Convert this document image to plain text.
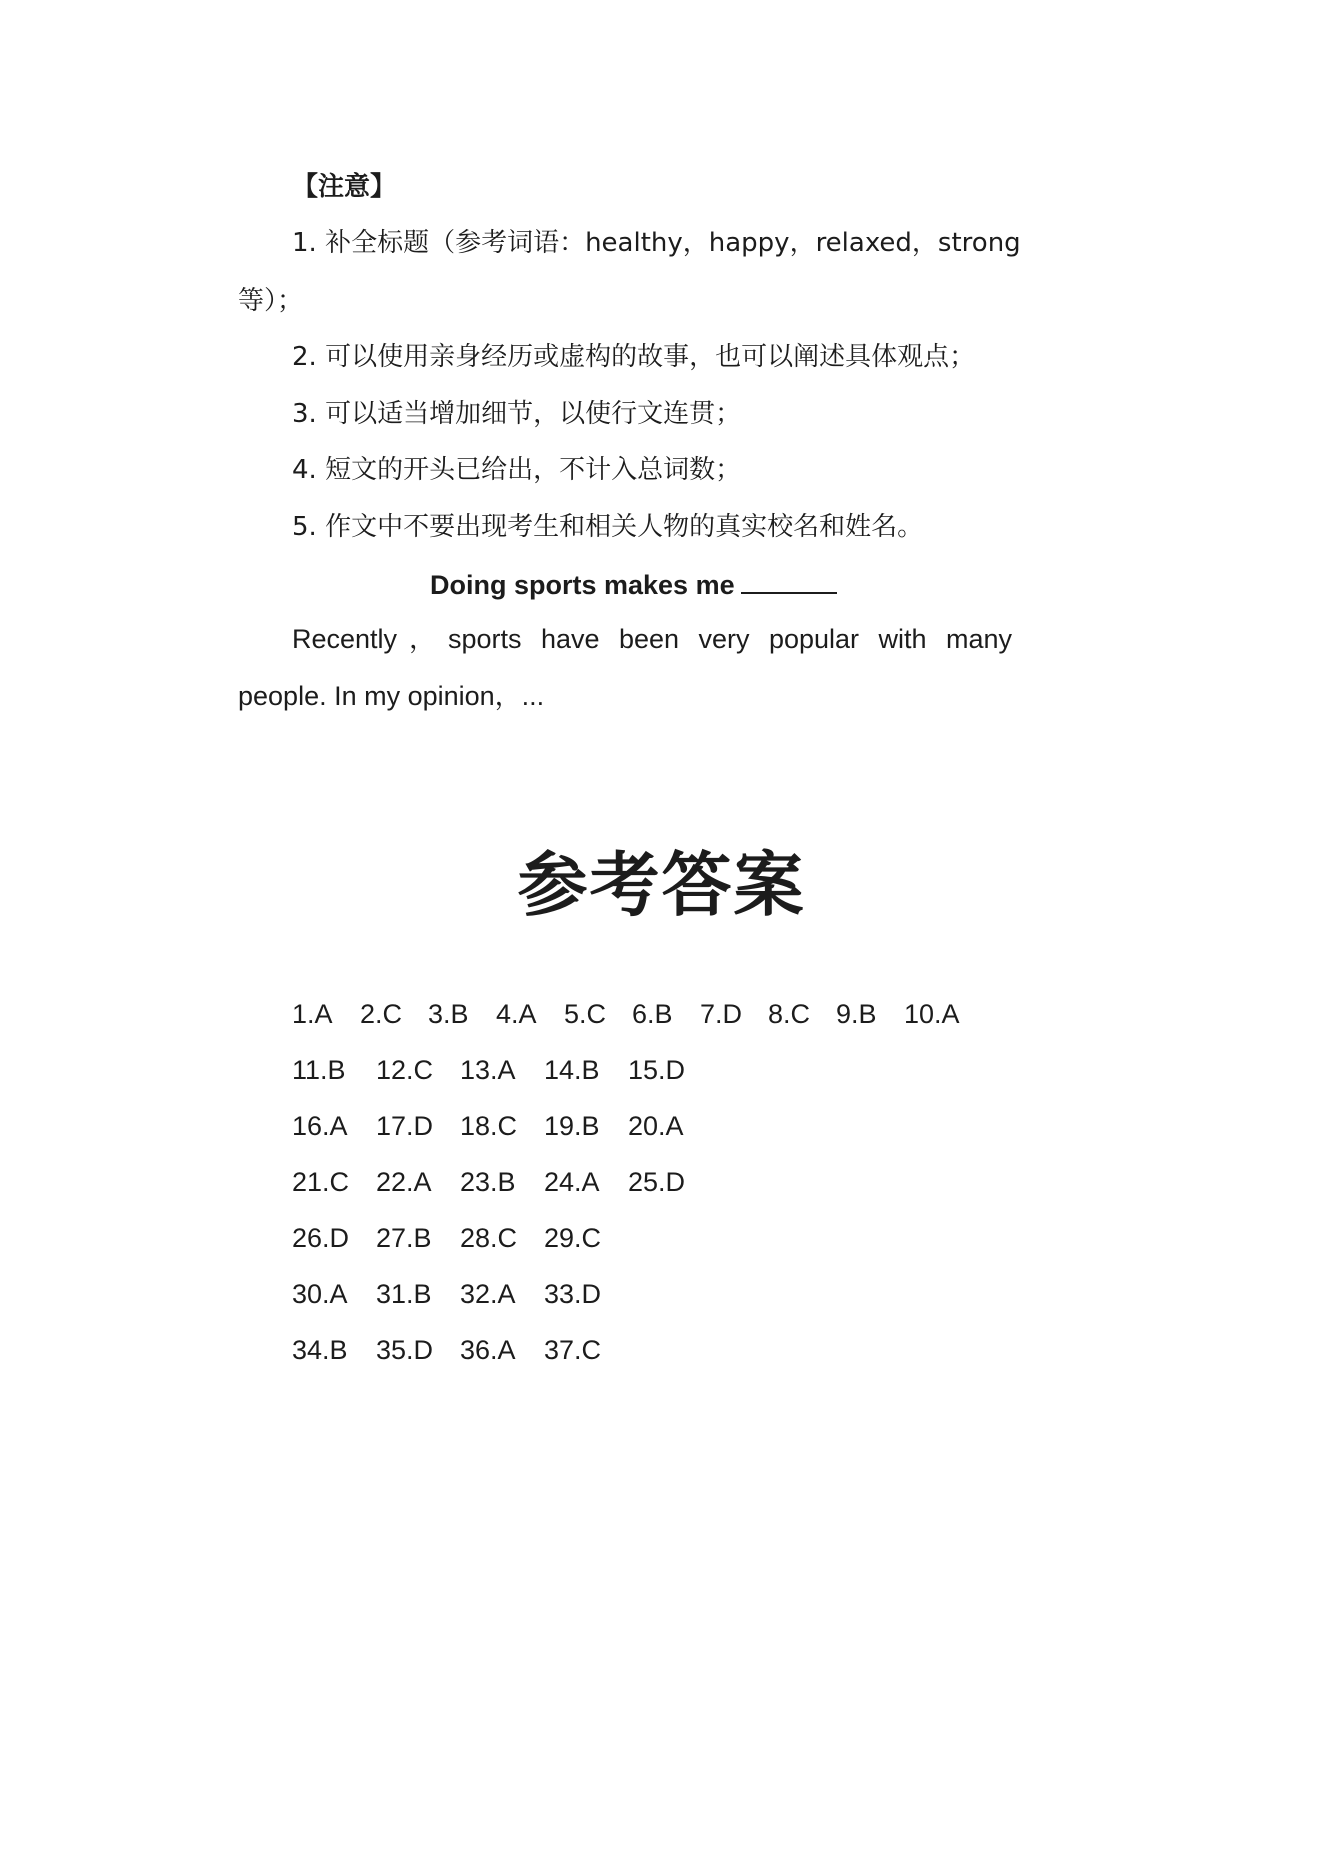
【注意】
1. 补全标题（参考词语：healthy，happy，relaxed，strong
等）；
2. 可以使用亲身经历或虚构的故事，也可以阐述具体观点；
3. 可以适当增加细节，以使行文连贯；
4. 短文的开头已给出，不计入总词数；
5. 作文中不要出现考生和相关人物的真实校名和姓名。
Doing sports makes me
Recently，sports have been very popular with many
people. In my opinion，...
参考答案
1.A 2.C 3.B 4.A 5.C 6.B 7.D 8.C 9.B 10.A
11.B 12.C 13.A 14.B 15.D
16.A 17.D 18.C 19.B 20.A
21.C 22.A 23.B 24.A 25.D
26.D 27.B 28.C 29.C
30.A 31.B 32.A 33.D
34.B 35.D 36.A 37.C
